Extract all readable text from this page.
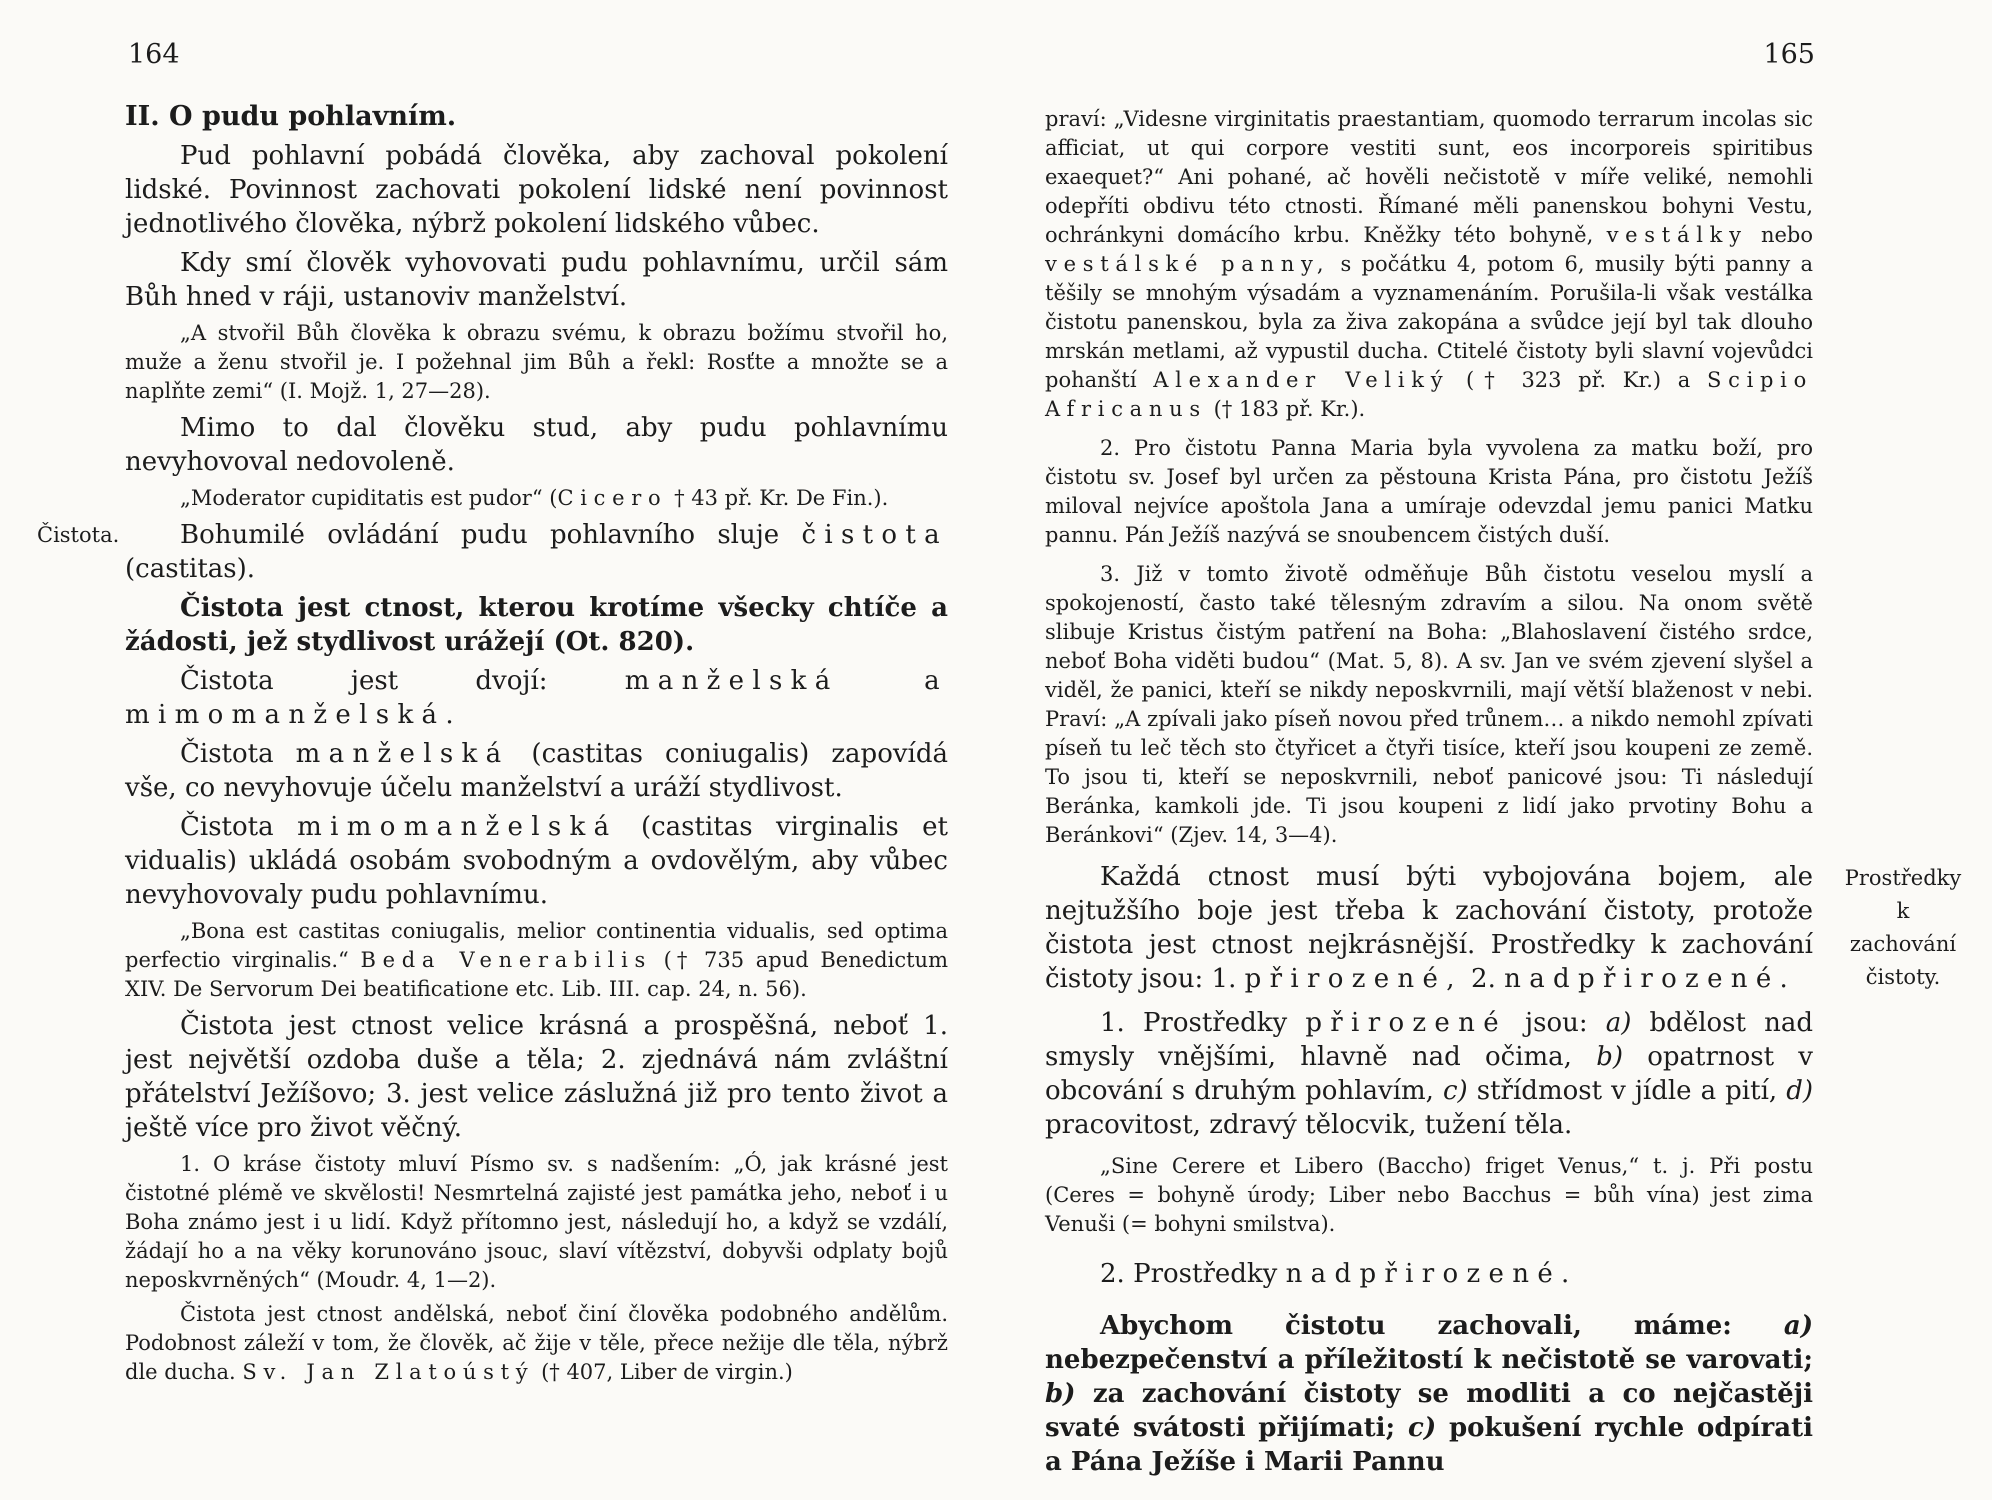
164	165

II. O pudu pohlavním.

Pud pohlavní pobádá člověka, aby zachoval pokolení lidské. Povinnost zachovati pokolení lidské není povinnost jednotlivého člověka, nýbrž pokolení lidského vůbec.

Kdy smí člověk vyhovovati pudu pohlavnímu, určil sám Bůh hned v ráji, ustanoviv manželství.

„A stvořil Bůh člověka k obrazu svému, k obrazu božímu stvořil ho, muže a ženu stvořil je. I požehnal jim Bůh a řekl: Rosťte a množte se a naplňte zemi“ (I. Mojž. 1, 27—28).

Mimo to dal člověku stud, aby pudu pohlavnímu nevyhovoval nedovoleně.

„Moderator cupiditatis est pudor“ (Cicero † 43 př. Kr. De Fin.).

Čistota. Bohumilé ovládání pudu pohlavního sluje čistota (castitas).

Čistota jest ctnost, kterou krotíme všecky chtíče a žádosti, jež stydlivost urážejí (Ot. 820).

Čistota jest dvojí: manželská a mimomanželská.

Čistota manželská (castitas coniugalis) zapovídá vše, co nevyhovuje účelu manželství a uráží stydlivost.

Čistota mimomanželská (castitas virginalis et vidualis) ukládá osobám svobodným a ovdovělým, aby vůbec nevyhovovaly pudu pohlavnímu.

„Bona est castitas coniugalis, melior continentia vidualis, sed optima perfectio virginalis.“ Beda Venerabilis († 735 apud Benedictum XIV. De Servorum Dei beatificatione etc. Lib. III. cap. 24, n. 56).

Čistota jest ctnost velice krásná a prospěšná, neboť 1. jest největší ozdoba duše a těla; 2. zjednává nám zvláštní přátelství Ježíšovo; 3. jest velice záslužná již pro tento život a ještě více pro život věčný.

1. O kráse čistoty mluví Písmo sv. s nadšením: „Ó, jak krásné jest čistotné plémě ve skvělosti! Nesmrtelná zajisté jest památka jeho, neboť i u Boha známo jest i u lidí. Když přítomno jest, následují ho, a když se vzdálí, žádají ho a na věky korunováno jsouc, slaví vítězství, dobyvši odplaty bojů neposkvrněných“ (Moudr. 4, 1—2).

Čistota jest ctnost andělská, neboť činí člověka podobného andělům. Podobnost záleží v tom, že člověk, ač žije v těle, přece nežije dle těla, nýbrž dle ducha. Sv. Jan Zlatoústý († 407, Liber de virgin.)

praví: „Videsne virginitatis praestantiam, quomodo terrarum incolas sic afficiat, ut qui corpore vestiti sunt, eos incorporeis spiritibus exaequet?“ Ani pohané, ač hověli nečistotě v míře veliké, nemohli odepříti obdivu této ctnosti. Římané měli panenskou bohyni Vestu, ochránkyni domácího krbu. Kněžky této bohyně, vestálky nebo vestálské panny, s počátku 4, potom 6, musily býti panny a těšily se mnohým výsadám a vyznamenáním. Porušila-li však vestálka čistotu panenskou, byla za živa zakopána a svůdce její byl tak dlouho mrskán metlami, až vypustil ducha. Ctitelé čistoty byli slavní vojevůdci pohanští Alexander Veliký († 323 př. Kr.) a Scipio Africanus († 183 př. Kr.).

2. Pro čistotu Panna Maria byla vyvolena za matku boží, pro čistotu sv. Josef byl určen za pěstouna Krista Pána, pro čistotu Ježíš miloval nejvíce apoštola Jana a umíraje odevzdal jemu panici Matku pannu. Pán Ježíš nazývá se snoubencem čistých duší.

3. Již v tomto životě odměňuje Bůh čistotu veselou myslí a spokojeností, často také tělesným zdravím a silou. Na onom světě slibuje Kristus čistým patření na Boha: „Blahoslavení čistého srdce, neboť Boha viděti budou“ (Mat. 5, 8). A sv. Jan ve svém zjevení slyšel a viděl, že panici, kteří se nikdy neposkvrnili, mají větší blaženost v nebi. Praví: „A zpívali jako píseň novou před trůnem… a nikdo nemohl zpívati píseň tu leč těch sto čtyřicet a čtyři tisíce, kteří jsou koupeni ze země. To jsou ti, kteří se neposkvrnili, neboť panicové jsou: Ti následují Beránka, kamkoli jde. Ti jsou koupeni z lidí jako prvotiny Bohu a Beránkovi“ (Zjev. 14, 3—4).

Prostředky k zachování čistoty.
Každá ctnost musí býti vybojována bojem, ale nejtužšího boje jest třeba k zachování čistoty, protože čistota jest ctnost nejkrásnější. Prostředky k zachování čistoty jsou: 1. přirozené, 2. nadpřirozené.

1. Prostředky přirozené jsou: a) bdělost nad smysly vnějšími, hlavně nad očima, b) opatrnost v obcování s druhým pohlavím, c) střídmost v jídle a pití, d) pracovitost, zdravý tělocvik, tužení těla.

„Sine Cerere et Libero (Baccho) friget Venus,“ t. j. Při postu (Ceres = bohyně úrody; Liber nebo Bacchus = bůh vína) jest zima Venuši (= bohyni smilstva).

2. Prostředky nadpřirozené.

Abychom čistotu zachovali, máme: a) nebezpečenství a příležitostí k nečistotě se varovati; b) za zachování čistoty se modliti a co nejčastěji svaté svátosti přijímati; c) pokušení rychle odpírati a Pána Ježíše i Marii Pannu
